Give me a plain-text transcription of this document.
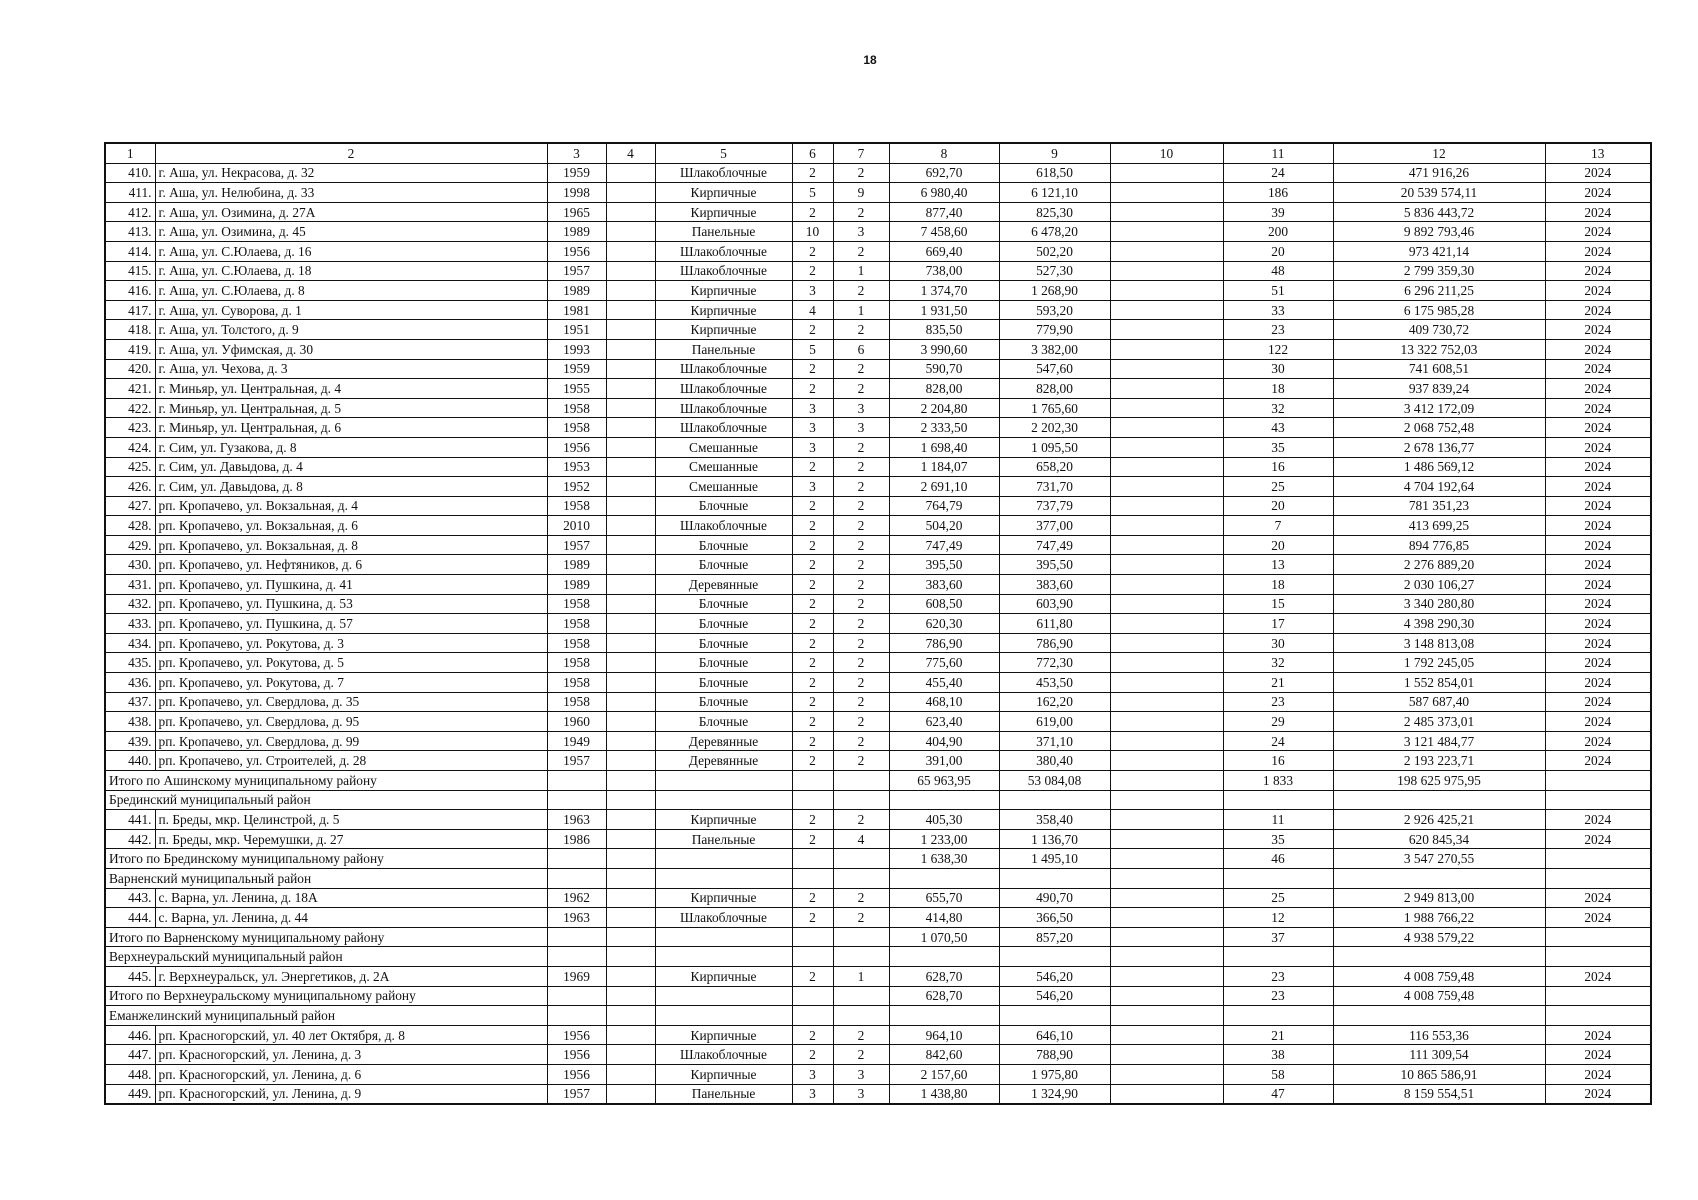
18
1	2	3	4	5	6	7	8	9	10	11	12	13
410.	г. Аша, ул. Некрасова, д. 32	1959		Шлакоблочные	2	2	692,70	618,50		24	471 916,26	2024
411.	г. Аша, ул. Нелюбина, д. 33	1998		Кирпичные	5	9	6 980,40	6 121,10		186	20 539 574,11	2024
412.	г. Аша, ул. Озимина, д. 27А	1965		Кирпичные	2	2	877,40	825,30		39	5 836 443,72	2024
413.	г. Аша, ул. Озимина, д. 45	1989		Панельные	10	3	7 458,60	6 478,20		200	9 892 793,46	2024
414.	г. Аша, ул. С.Юлаева, д. 16	1956		Шлакоблочные	2	2	669,40	502,20		20	973 421,14	2024
415.	г. Аша, ул. С.Юлаева, д. 18	1957		Шлакоблочные	2	1	738,00	527,30		48	2 799 359,30	2024
416.	г. Аша, ул. С.Юлаева, д. 8	1989		Кирпичные	3	2	1 374,70	1 268,90		51	6 296 211,25	2024
417.	г. Аша, ул. Суворова, д. 1	1981		Кирпичные	4	1	1 931,50	593,20		33	6 175 985,28	2024
418.	г. Аша, ул. Толстого, д. 9	1951		Кирпичные	2	2	835,50	779,90		23	409 730,72	2024
419.	г. Аша, ул. Уфимская, д. 30	1993		Панельные	5	6	3 990,60	3 382,00		122	13 322 752,03	2024
420.	г. Аша, ул. Чехова, д. 3	1959		Шлакоблочные	2	2	590,70	547,60		30	741 608,51	2024
421.	г. Миньяр, ул. Центральная, д. 4	1955		Шлакоблочные	2	2	828,00	828,00		18	937 839,24	2024
422.	г. Миньяр, ул. Центральная, д. 5	1958		Шлакоблочные	3	3	2 204,80	1 765,60		32	3 412 172,09	2024
423.	г. Миньяр, ул. Центральная, д. 6	1958		Шлакоблочные	3	3	2 333,50	2 202,30		43	2 068 752,48	2024
424.	г. Сим, ул. Гузакова, д. 8	1956		Смешанные	3	2	1 698,40	1 095,50		35	2 678 136,77	2024
425.	г. Сим, ул. Давыдова, д. 4	1953		Смешанные	2	2	1 184,07	658,20		16	1 486 569,12	2024
426.	г. Сим, ул. Давыдова, д. 8	1952		Смешанные	3	2	2 691,10	731,70		25	4 704 192,64	2024
427.	рп. Кропачево, ул. Вокзальная, д. 4	1958		Блочные	2	2	764,79	737,79		20	781 351,23	2024
428.	рп. Кропачево, ул. Вокзальная, д. 6	2010		Шлакоблочные	2	2	504,20	377,00		7	413 699,25	2024
429.	рп. Кропачево, ул. Вокзальная, д. 8	1957		Блочные	2	2	747,49	747,49		20	894 776,85	2024
430.	рп. Кропачево, ул. Нефтяников, д. 6	1989		Блочные	2	2	395,50	395,50		13	2 276 889,20	2024
431.	рп. Кропачево, ул. Пушкина, д. 41	1989		Деревянные	2	2	383,60	383,60		18	2 030 106,27	2024
432.	рп. Кропачево, ул. Пушкина, д. 53	1958		Блочные	2	2	608,50	603,90		15	3 340 280,80	2024
433.	рп. Кропачево, ул. Пушкина, д. 57	1958		Блочные	2	2	620,30	611,80		17	4 398 290,30	2024
434.	рп. Кропачево, ул. Рокутова, д. 3	1958		Блочные	2	2	786,90	786,90		30	3 148 813,08	2024
435.	рп. Кропачево, ул. Рокутова, д. 5	1958		Блочные	2	2	775,60	772,30		32	1 792 245,05	2024
436.	рп. Кропачево, ул. Рокутова, д. 7	1958		Блочные	2	2	455,40	453,50		21	1 552 854,01	2024
437.	рп. Кропачево, ул. Свердлова, д. 35	1958		Блочные	2	2	468,10	162,20		23	587 687,40	2024
438.	рп. Кропачево, ул. Свердлова, д. 95	1960		Блочные	2	2	623,40	619,00		29	2 485 373,01	2024
439.	рп. Кропачево, ул. Свердлова, д. 99	1949		Деревянные	2	2	404,90	371,10		24	3 121 484,77	2024
440.	рп. Кропачево, ул. Строителей, д. 28	1957		Деревянные	2	2	391,00	380,40		16	2 193 223,71	2024
Итого по Ашинскому муниципальному району							65 963,95	53 084,08		1 833	198 625 975,95	
Брединский муниципальный район												
441.	п. Бреды, мкр. Целинстрой, д. 5	1963		Кирпичные	2	2	405,30	358,40		11	2 926 425,21	2024
442.	п. Бреды, мкр. Черемушки, д. 27	1986		Панельные	2	4	1 233,00	1 136,70		35	620 845,34	2024
Итого по Брединскому муниципальному району							1 638,30	1 495,10		46	3 547 270,55	
Варненский муниципальный район												
443.	с. Варна, ул. Ленина, д. 18А	1962		Кирпичные	2	2	655,70	490,70		25	2 949 813,00	2024
444.	с. Варна, ул. Ленина, д. 44	1963		Шлакоблочные	2	2	414,80	366,50		12	1 988 766,22	2024
Итого по Варненскому муниципальному району							1 070,50	857,20		37	4 938 579,22	
Верхнеуральский муниципальный район												
445.	г. Верхнеуральск, ул. Энергетиков, д. 2А	1969		Кирпичные	2	1	628,70	546,20		23	4 008 759,48	2024
Итого по Верхнеуральскому муниципальному району							628,70	546,20		23	4 008 759,48	
Еманжелинский муниципальный район												
446.	рп. Красногорский, ул. 40 лет Октября, д. 8	1956		Кирпичные	2	2	964,10	646,10		21	116 553,36	2024
447.	рп. Красногорский, ул. Ленина, д. 3	1956		Шлакоблочные	2	2	842,60	788,90		38	111 309,54	2024
448.	рп. Красногорский, ул. Ленина, д. 6	1956		Кирпичные	3	3	2 157,60	1 975,80		58	10 865 586,91	2024
449.	рп. Красногорский, ул. Ленина, д. 9	1957		Панельные	3	3	1 438,80	1 324,90		47	8 159 554,51	2024
